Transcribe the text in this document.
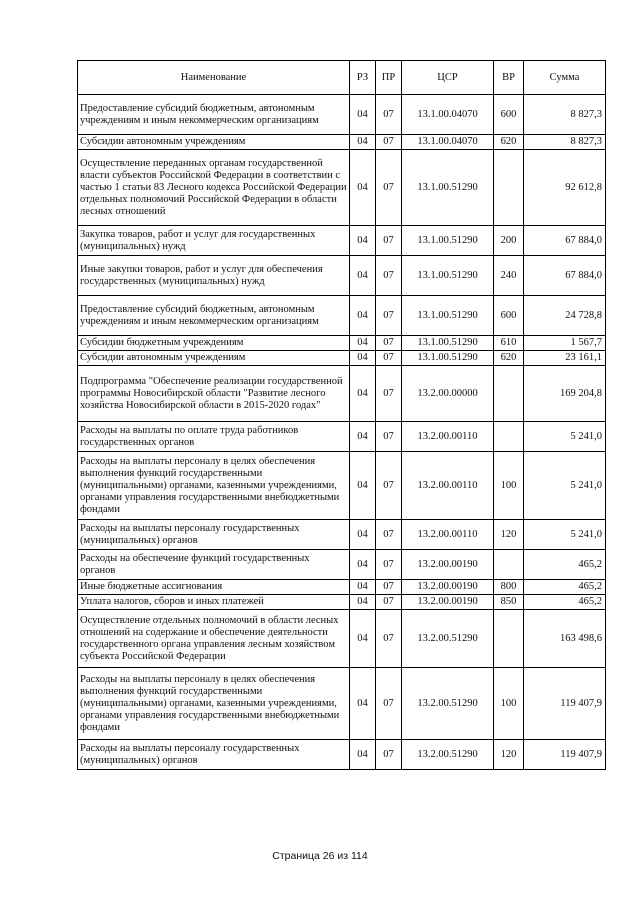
Наименование	РЗ	ПР	ЦСР	ВР	Сумма
Предоставление субсидий бюджетным, автономным учреждениям и иным некоммерческим организациям	04	07	13.1.00.04070	600	8 827,3
Субсидии автономным учреждениям	04	07	13.1.00.04070	620	8 827,3
Осуществление переданных органам государственной власти субъектов Российской Федерации в соответствии с частью 1 статьи 83 Лесного кодекса Российской Федерации отдельных полномочий Российской Федерации в области лесных отношений	04	07	13.1.00.51290		92 612,8
Закупка товаров, работ и услуг для государственных (муниципальных) нужд	04	07	13.1.00.51290	200	67 884,0
Иные закупки товаров, работ и услуг для обеспечения государственных (муниципальных) нужд	04	07	13.1.00.51290	240	67 884,0
Предоставление субсидий бюджетным, автономным учреждениям и иным некоммерческим организациям	04	07	13.1.00.51290	600	24 728,8
Субсидии бюджетным учреждениям	04	07	13.1.00.51290	610	1 567,7
Субсидии автономным учреждениям	04	07	13.1.00.51290	620	23 161,1
Подпрограмма "Обеспечение реализации государственной программы Новосибирской области "Развитие лесного хозяйства Новосибирской области в 2015-2020 годах"	04	07	13.2.00.00000		169 204,8
Расходы на выплаты по оплате труда работников государственных органов	04	07	13.2.00.00110		5 241,0
Расходы на выплаты персоналу в целях обеспечения выполнения функций государственными (муниципальными) органами, казенными учреждениями, органами управления государственными внебюджетными фондами	04	07	13.2.00.00110	100	5 241,0
Расходы на выплаты персоналу государственных (муниципальных) органов	04	07	13.2.00.00110	120	5 241,0
Расходы на обеспечение функций государственных органов	04	07	13.2.00.00190		465,2
Иные бюджетные ассигнования	04	07	13.2.00.00190	800	465,2
Уплата налогов, сборов и иных платежей	04	07	13.2.00.00190	850	465,2
Осуществление отдельных полномочий в области лесных отношений на содержание и обеспечение деятельности государственного органа управления лесным хозяйством субъекта Российской Федерации	04	07	13.2.00.51290		163 498,6
Расходы на выплаты персоналу в целях обеспечения выполнения функций государственными (муниципальными) органами, казенными учреждениями, органами управления государственными внебюджетными фондами	04	07	13.2.00.51290	100	119 407,9
Расходы на выплаты персоналу государственных (муниципальных) органов	04	07	13.2.00.51290	120	119 407,9
Страница 26 из 114
